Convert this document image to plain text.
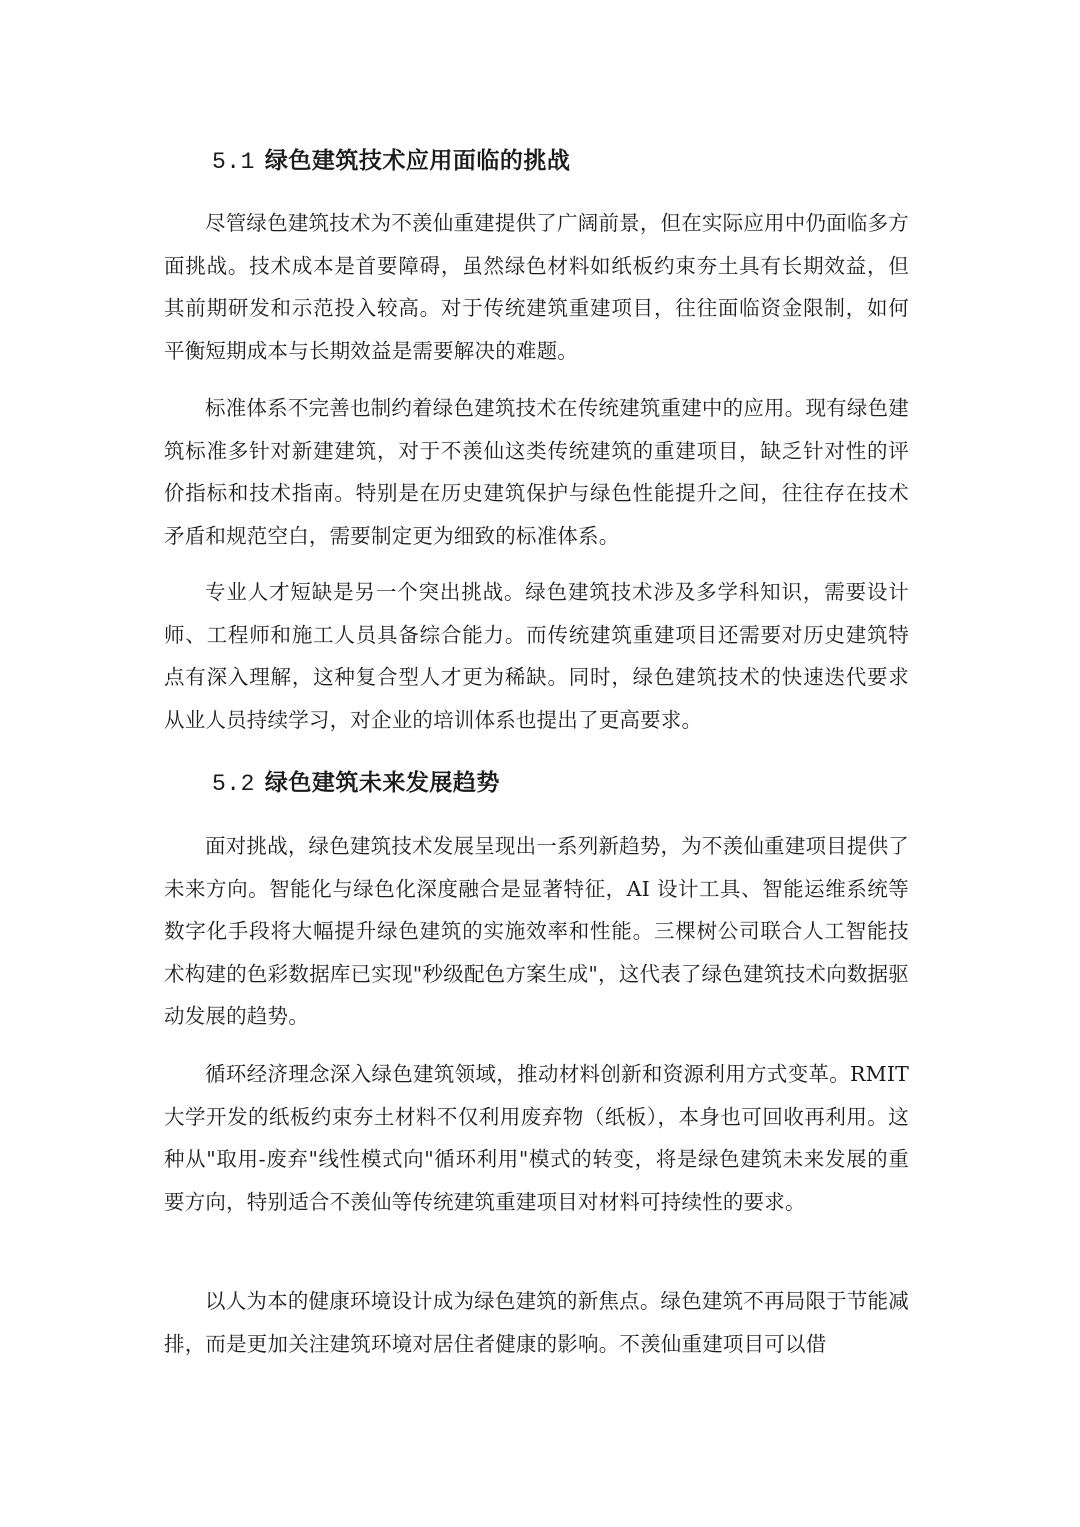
5.1 绿色建筑技术应用面临的挑战

尽管绿色建筑技术为不羡仙重建提供了广阔前景，但在实际应用中仍面临多方面挑战。技术成本是首要障碍，虽然绿色材料如纸板约束夯土具有长期效益，但其前期研发和示范投入较高。对于传统建筑重建项目，往往面临资金限制，如何平衡短期成本与长期效益是需要解决的难题。

标准体系不完善也制约着绿色建筑技术在传统建筑重建中的应用。现有绿色建筑标准多针对新建建筑，对于不羡仙这类传统建筑的重建项目，缺乏针对性的评价指标和技术指南。特别是在历史建筑保护与绿色性能提升之间，往往存在技术矛盾和规范空白，需要制定更为细致的标准体系。

专业人才短缺是另一个突出挑战。绿色建筑技术涉及多学科知识，需要设计师、工程师和施工人员具备综合能力。而传统建筑重建项目还需要对历史建筑特点有深入理解，这种复合型人才更为稀缺。同时，绿色建筑技术的快速迭代要求从业人员持续学习，对企业的培训体系也提出了更高要求。

5.2 绿色建筑未来发展趋势

面对挑战，绿色建筑技术发展呈现出一系列新趋势，为不羡仙重建项目提供了未来方向。智能化与绿色化深度融合是显著特征，AI 设计工具、智能运维系统等数字化手段将大幅提升绿色建筑的实施效率和性能。三棵树公司联合人工智能技术构建的色彩数据库已实现"秒级配色方案生成"，这代表了绿色建筑技术向数据驱动发展的趋势。

循环经济理念深入绿色建筑领域，推动材料创新和资源利用方式变革。RMIT 大学开发的纸板约束夯土材料不仅利用废弃物（纸板），本身也可回收再利用。这种从"取用-废弃"线性模式向"循环利用"模式的转变，将是绿色建筑未来发展的重要方向，特别适合不羡仙等传统建筑重建项目对材料可持续性的要求。

以人为本的健康环境设计成为绿色建筑的新焦点。绿色建筑不再局限于节能减排，而是更加关注建筑环境对居住者健康的影响。不羡仙重建项目可以借
